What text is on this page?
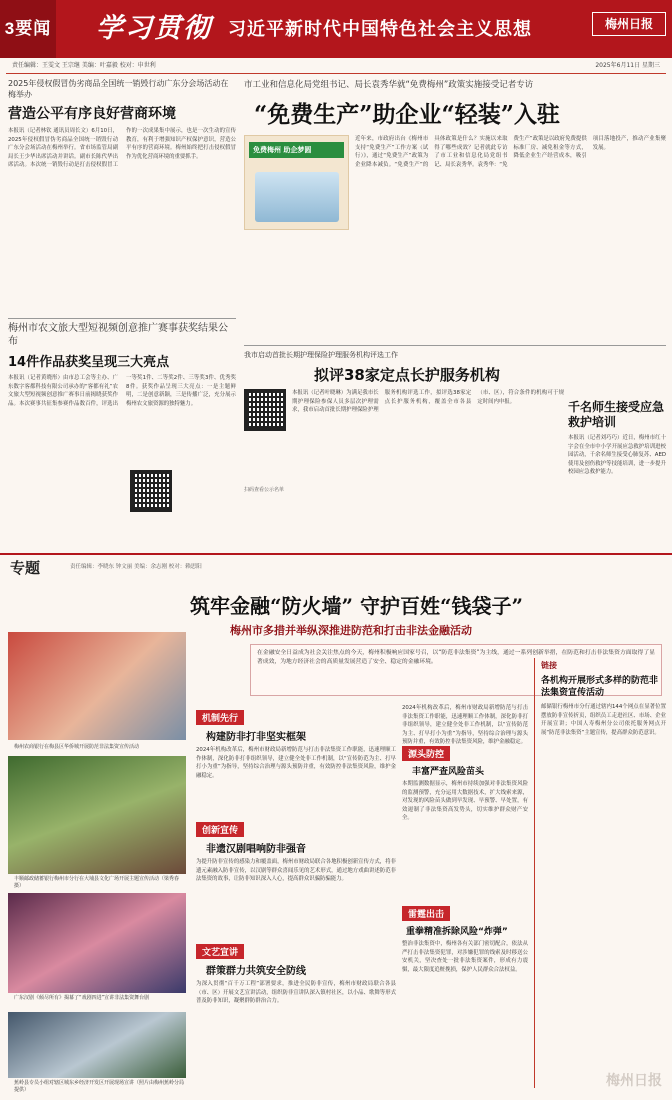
3要闻 学习贯彻 习近平新时代中国特色社会主义思想	梅州日报
责任编辑：王雯文 王宗继 美编：叶嘉毅 校对：申世利	2025年6月11日 星期三
2025年侵权假冒伪劣商品全国统一销毁行动广东分会场活动在梅举办
营造公平有序良好营商环境
本报讯（记者林钦 通讯员周长文）6月10日，2025年侵权假冒伪劣商品全国统一销毁行动广东分会场活动在梅州举行。省市场监管局副局长王少华出席活动并讲话。副市长陈代华出席活动。本次统一销毁行动是打击侵权假冒工作的一次成果集中展示，也是一次生动的宣传教育，有利于增强知识产权保护意识，营造公平有序的营商环境。梅州始终把打击侵权假冒作为优化营商环境的重要抓手。
梅州市农文旅大型短视频创意推广赛事获奖结果公布
14件作品获奖呈现三大亮点
本报讯（记者黄晓彤）由市总工会等主办、广东数字客都科技有限公司承办的“客都有礼”农文旅大型短视频创意推广赛事日前揭晓获奖作品。本次赛事共征集参赛作品数百件，评选出一等奖1件、二等奖2件、三等奖3件、优秀奖8件。获奖作品呈现三大亮点：一是主题鲜明，二是创意新颖，三是传播广泛，充分展示梅州农文旅资源的独特魅力。
市工业和信息化局党组书记、局长袁秀华就“免费梅州”政策实施接受记者专访
“免费生产”助企业“轻装”入驻
免费梅州 助企梦圆
近年来，市政府出台《梅州市支持“免费生产”工作方案（试行）》，通过“免费生产”政策为企业降本减负。“免费生产”的具体政策是什么？实施以来取得了哪些成效？记者就此专访了市工业和信息化局党组书记、局长袁秀华。袁秀华：“免费生产”政策是以政府免费提供标准厂房、减免租金等方式，降低企业生产经营成本，吸引项目落地投产，推动产业集聚发展。
我市启动首批长期护理保险护理服务机构评选工作
拟评38家定点长护服务机构
本报讯（记者叶晓琳）为满足我市长期护理保险参保人员多层次护理需求，我市启动首批长期护理保险护理服务机构评选工作，拟评选38家定点长护服务机构，覆盖全市各县（市、区），符合条件的机构可于规定时间内申报。
扫码查看公示名单
千名师生接受应急救护培训
本报讯（记者刘巧巧）近日，梅州市红十字会在全市中小学开展应急救护培训进校园活动，千余名师生接受心肺复苏、AED使用及创伤救护等技能培训，进一步提升校园应急救护能力。
专题	责任编辑：李晓东 钟文丽 美编：余志刚 校对：赖思阳
筑牢金融“防火墙” 守护百姓“钱袋子”
梅州市多措并举纵深推进防范和打击非法金融活动
在金融安全日益成为社会关注焦点的今天，梅州积极响应国家号召，以“防范非法集资”为主线，通过一系列创新举措，在防范和打击非法集资方面取得了显著成效，为地方经济社会的高质量发展营造了安全、稳定的金融环境。
梅州农商银行在梅县区华侨城开展防范非法集资宣传活动
丰顺邮政储蓄银行梅州市分行在大埔县文化广场开展主题宣传活动（梁秀春 摄）
广东汉剧《倾尽所有》揭幕了“戏剧四进”宣讲非法集资舞台剧
蕉岭县专员小组对辖区城东乡经济开发区开展现场宣讲（照片由梅州蕉岭分局提供）
机制先行
构建防非打非坚实框架
2024年机构改革后，梅州市财政局新增防范与打击非法集资工作职能，迅速理顺工作体制，深化防非打非组织领导，建立健全处非工作机制，以“宣传防范为主、打早打小为重”为指导，坚持综合治理与源头预防并重，有效防控非法集资风险，维护金融稳定。
创新宣传
非遗汉剧唱响防非强音
为提升防非宣传的感染力和覆盖面，梅州市财政局联合各地积极创新宣传方式，将非遗元素融入防非宣传，以汉剧等群众喜闻乐见的艺术形式，通过地方戏曲讲述防范非法集资的故事，让防非知识深入人心，提高群众识骗防骗能力。
文艺宣讲
群策群力共筑安全防线
为深入贯彻“百千万工程”部署要求，推进全民防非宣传，梅州市财政局联合各县（市、区）开展文艺宣讲活动，组织防非宣讲队深入镇村社区，以小品、歌舞等形式普及防非知识，凝聚群防群治合力。
2024年机构改革后，梅州市财政局新增防范与打击非法集资工作职能，迅速理顺工作体制，深化防非打非组织领导，建立健全处非工作机制，以“宣传防范为主、打早打小为重”为指导，坚持综合治理与源头预防并重，有效防控非法集资风险，维护金融稳定。
源头防控
丰富严查风险苗头
本期监测数据显示，梅州市持续加强对非法集资风险的监测预警，充分运用大数据技术，扩大线索来源，对发现的风险苗头做到早发现、早预警、早处置，有效遏制了非法集资高发势头，切实维护群众财产安全。
雷霆出击
重拳精准拆除风险“炸弹”
整治非法集资中，梅州各有关部门密切配合，依法从严打击非法集资犯罪，对涉嫌犯罪的线索及时移送公安机关，坚决查处一批非法集资案件，形成有力震慑，最大限度追赃挽损，保护人民群众合法权益。
链接
各机构开展形式多样的防范非法集资宣传活动
邮储银行梅州市分行通过辖内144个网点在显著位置摆放防非宣传折页，组织员工走进社区、市场、企业开展宣讲；中国人寿梅州分公司依托服务网点开展“防范非法集资”主题宣传，提高群众防范意识。
梅州日报
